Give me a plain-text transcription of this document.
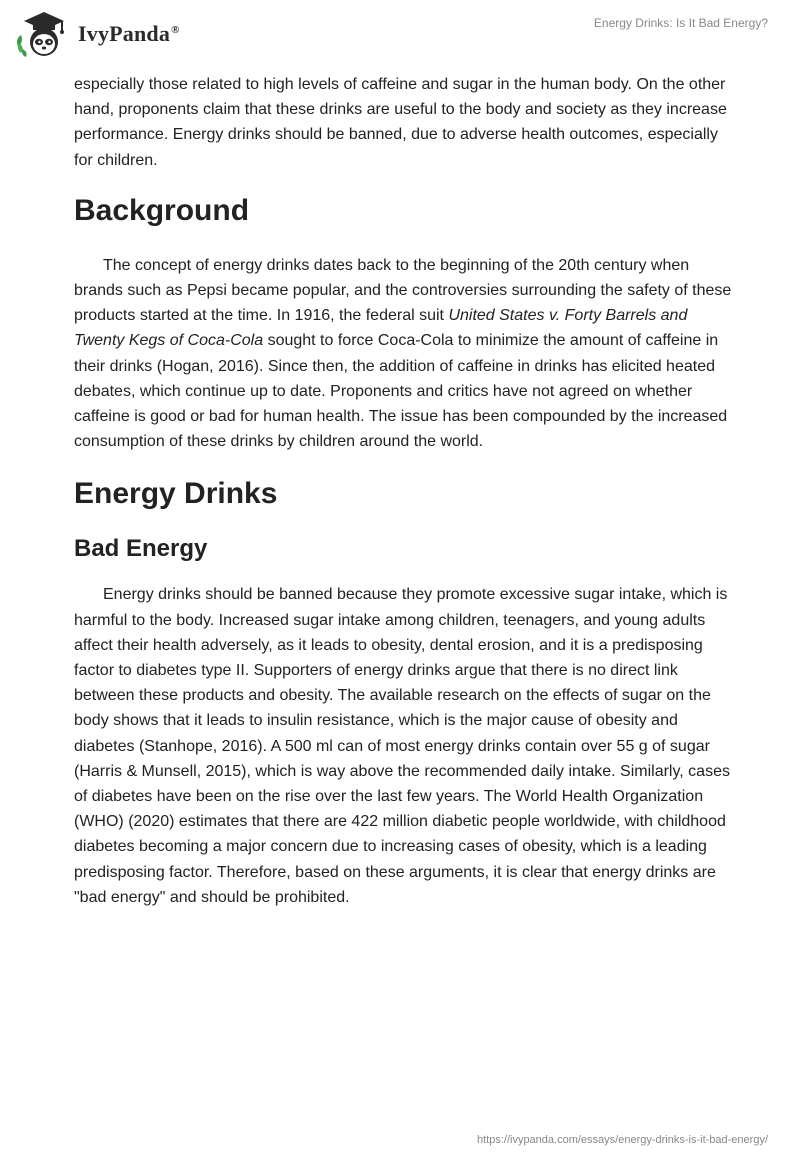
IvyPanda®	Energy Drinks: Is It Bad Energy?

especially those related to high levels of caffeine and sugar in the human body. On the other hand, proponents claim that these drinks are useful to the body and society as they increase performance. Energy drinks should be banned, due to adverse health outcomes, especially for children.

Background

The concept of energy drinks dates back to the beginning of the 20th century when brands such as Pepsi became popular, and the controversies surrounding the safety of these products started at the time. In 1916, the federal suit United States v. Forty Barrels and Twenty Kegs of Coca-Cola sought to force Coca-Cola to minimize the amount of caffeine in their drinks (Hogan, 2016). Since then, the addition of caffeine in drinks has elicited heated debates, which continue up to date. Proponents and critics have not agreed on whether caffeine is good or bad for human health. The issue has been compounded by the increased consumption of these drinks by children around the world.

Energy Drinks
Bad Energy

Energy drinks should be banned because they promote excessive sugar intake, which is harmful to the body. Increased sugar intake among children, teenagers, and young adults affect their health adversely, as it leads to obesity, dental erosion, and it is a predisposing factor to diabetes type II. Supporters of energy drinks argue that there is no direct link between these products and obesity. The available research on the effects of sugar on the body shows that it leads to insulin resistance, which is the major cause of obesity and diabetes (Stanhope, 2016). A 500 ml can of most energy drinks contain over 55 g of sugar (Harris & Munsell, 2015), which is way above the recommended daily intake. Similarly, cases of diabetes have been on the rise over the last few years. The World Health Organization (WHO) (2020) estimates that there are 422 million diabetic people worldwide, with childhood diabetes becoming a major concern due to increasing cases of obesity, which is a leading predisposing factor. Therefore, based on these arguments, it is clear that energy drinks are "bad energy" and should be prohibited.

https://ivypanda.com/essays/energy-drinks-is-it-bad-energy/
